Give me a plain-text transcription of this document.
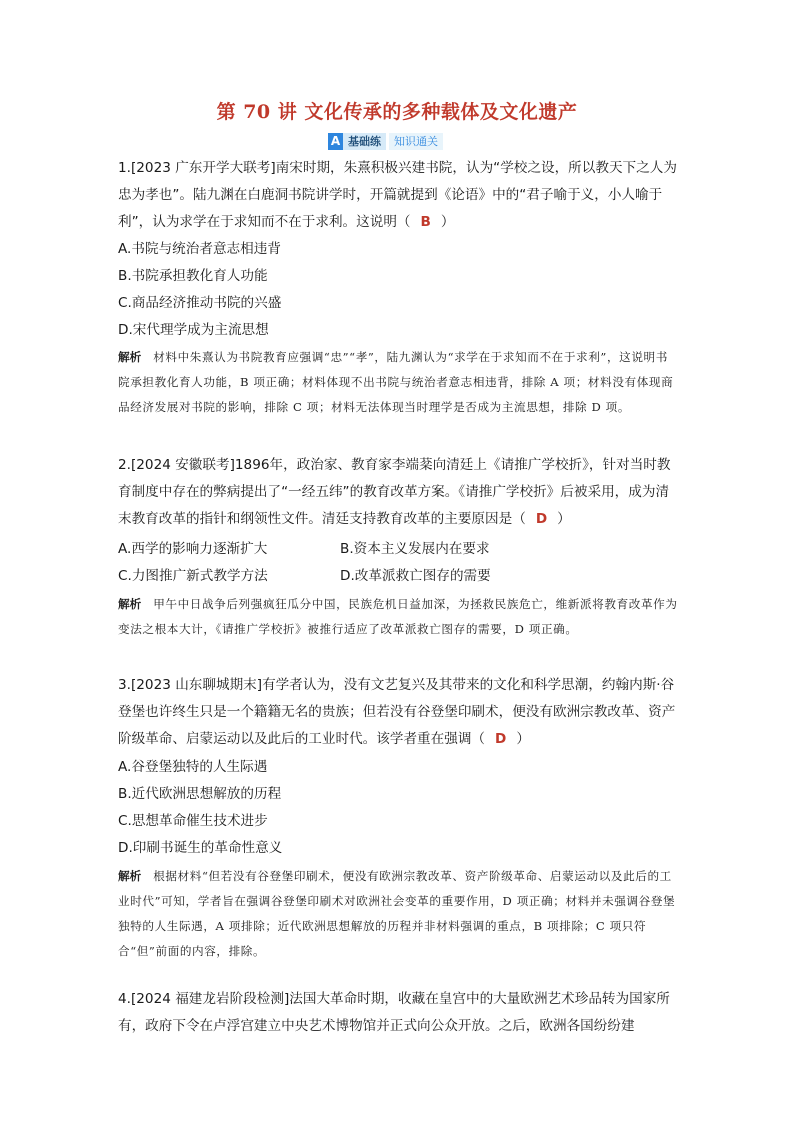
第 70 讲 文化传承的多种载体及文化遗产
A 基础练	知识通关
1.[2023 广东开学大联考]南宋时期，朱熹积极兴建书院，认为“学校之设，所以教天下之人为忠为孝也”。陆九渊在白鹿洞书院讲学时，开篇就提到《论语》中的“君子喻于义，小人喻于利”，认为求学在于求知而不在于求利。这说明（ B ）
A.书院与统治者意志相违背
B.书院承担教化育人功能
C.商品经济推动书院的兴盛
D.宋代理学成为主流思想
解析 材料中朱熹认为书院教育应强调“忠”“孝”，陆九渊认为“求学在于求知而不在于求利”，这说明书院承担教化育人功能，B 项正确；材料体现不出书院与统治者意志相违背，排除 A 项；材料没有体现商品经济发展对书院的影响，排除 C 项；材料无法体现当时理学是否成为主流思想，排除 D 项。
2.[2024 安徽联考]1896年，政治家、教育家李端棻向清廷上《请推广学校折》，针对当时教育制度中存在的弊病提出了“一经五纬”的教育改革方案。《请推广学校折》后被采用，成为清末教育改革的指针和纲领性文件。清廷支持教育改革的主要原因是（ D ）
A.西学的影响力逐渐扩大	B.资本主义发展内在要求
C.力图推广新式教学方法	D.改革派救亡图存的需要
解析 甲午中日战争后列强疯狂瓜分中国，民族危机日益加深，为拯救民族危亡，维新派将教育改革作为变法之根本大计，《请推广学校折》被推行适应了改革派救亡图存的需要，D 项正确。
3.[2023 山东聊城期末]有学者认为，没有文艺复兴及其带来的文化和科学思潮，约翰内斯·谷登堡也许终生只是一个籍籍无名的贵族；但若没有谷登堡印刷术，便没有欧洲宗教改革、资产阶级革命、启蒙运动以及此后的工业时代。该学者重在强调（ D ）
A.谷登堡独特的人生际遇
B.近代欧洲思想解放的历程
C.思想革命催生技术进步
D.印刷书诞生的革命性意义
解析 根据材料“但若没有谷登堡印刷术，便没有欧洲宗教改革、资产阶级革命、启蒙运动以及此后的工业时代”可知，学者旨在强调谷登堡印刷术对欧洲社会变革的重要作用，D 项正确；材料并未强调谷登堡独特的人生际遇，A 项排除；近代欧洲思想解放的历程并非材料强调的重点，B 项排除；C 项只符合“但”前面的内容，排除。
4.[2024 福建龙岩阶段检测]法国大革命时期，收藏在皇宫中的大量欧洲艺术珍品转为国家所有，政府下令在卢浮宫建立中央艺术博物馆并正式向公众开放。之后，欧洲各国纷纷建
